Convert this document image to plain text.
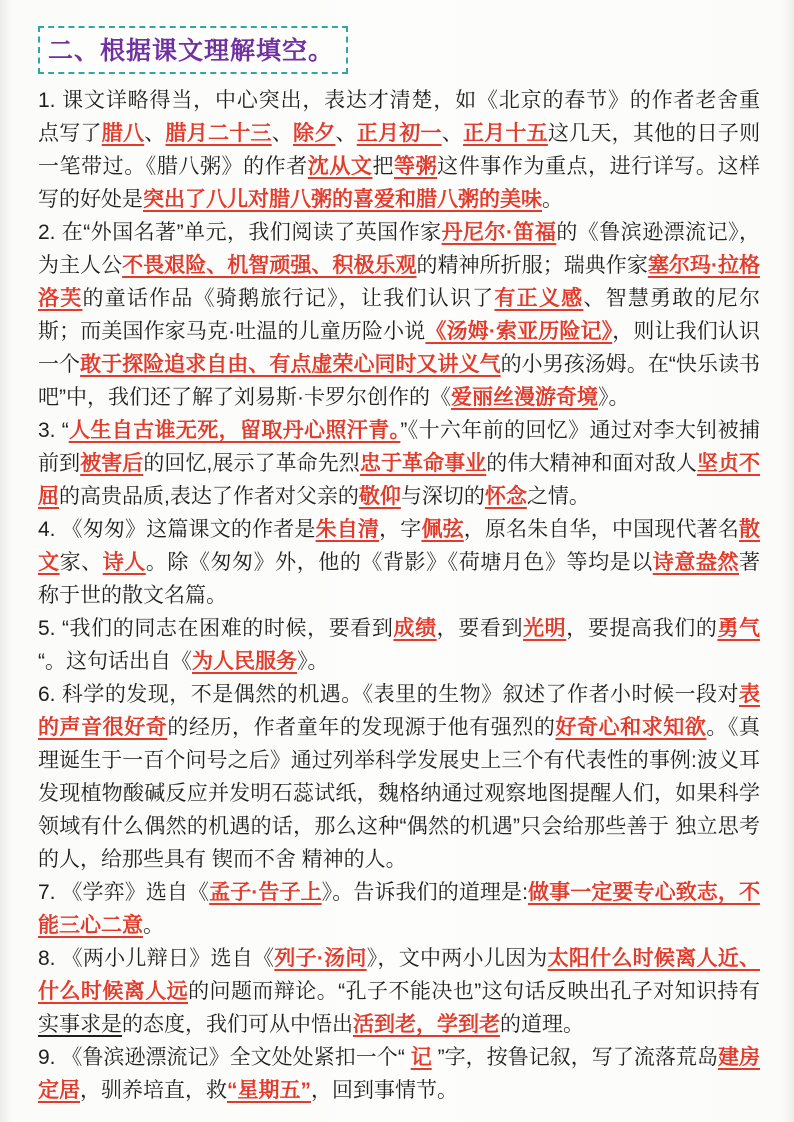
二、根据课文理解填空。

1. 课文详略得当，中心突出，表达才清楚，如《北京的春节》的作者老舍重 点写了腊八、腊月二十三、除夕、正月初一、正月十五这几天，其他的日子则一笔带过。《腊八粥》的作者沈从文把等粥这件事作为重点，进行详写。这样写的好处是突出了八儿对腊八粥的喜爱和腊八粥的美味。

2. 在“外国名著”单元，我们阅读了英国作家丹尼尔·笛福的《鲁滨逊漂流记》，为主人公不畏艰险、机智顽强、积极乐观的精神所折服；瑞典作家塞尔玛·拉格洛芙的童话作品《骑鹅旅行记》，让我们认识了有正义感、智慧勇敢的尼尔斯；而美国作家马克·吐温的儿童历险小说《汤姆·索亚历险记》，则让我们认识一个敢于探险追求自由、有点虚荣心同时又讲义气的小男孩汤姆。在“快乐读书吧”中，我们还了解了刘易斯·卡罗尔创作的《爱丽丝漫游奇境》。

3. “人生自古谁无死，留取丹心照汗青。”《十六年前的回忆》通过对李大钊被捕前到被害后的回忆,展示了革命先烈忠于革命事业的伟大精神和面对敌人坚贞不屈的高贵品质,表达了作者对父亲的敬仰与深切的怀念之情。

4. 《匆匆》这篇课文的作者是朱自清，字佩弦，原名朱自华，中国现代著名散文家、诗人。除《匆匆》外，他的《背影》《荷塘月色》等均是以诗意盎然著称于世的散文名篇。

5. “我们的同志在困难的时候，要看到成绩，要看到光明，要提高我们的勇气“。这句话出自《为人民服务》。

6. 科学的发现，不是偶然的机遇。《表里的生物》叙述了作者小时候一段对表的声音很好奇的经历，作者童年的发现源于他有强烈的好奇心和求知欲。《真理诞生于一百个问号之后》通过列举科学发展史上三个有代表性的事例:波义耳发现植物酸碱反应并发明石蕊试纸，魏格纳通过观察地图提醒人们，如果科学领域有什么偶然的机遇的话，那么这种“偶然的机遇”只会给那些善于 独立思考 的人，给那些具有 锲而不舍 精神的人。

7. 《学弈》选自《孟子·告子上》。告诉我们的道理是:做事一定要专心致志，不能三心二意。

8. 《两小儿辩日》选自《列子·汤问》，文中两小儿因为太阳什么时候离人近、什么时候离人远的问题而辩论。“孔子不能决也”这句话反映出孔子对知识持有实事求是的态度，我们可从中悟出活到老，学到老的道理。

9. 《鲁滨逊漂流记》全文处处紧扣一个“ 记 ”字，按鲁记叙，写了流落荒岛建房定居，驯养培直，救“星期五”，回到事情节。
